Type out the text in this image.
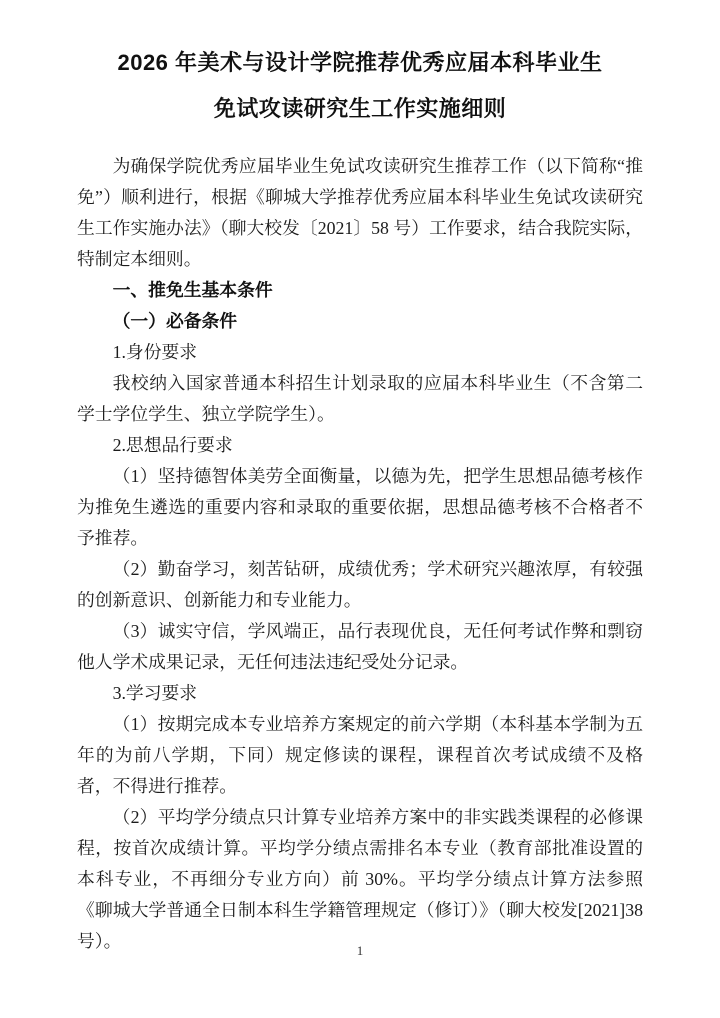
2026 年美术与设计学院推荐优秀应届本科毕业生
免试攻读研究生工作实施细则

为确保学院优秀应届毕业生免试攻读研究生推荐工作（以下简称“推免”）顺利进行，根据《聊城大学推荐优秀应届本科毕业生免试攻读研究生工作实施办法》（聊大校发〔2021〕58 号）工作要求，结合我院实际，特制定本细则。

一、推免生基本条件

（一）必备条件

1.身份要求

我校纳入国家普通本科招生计划录取的应届本科毕业生（不含第二学士学位学生、独立学院学生）。

2.思想品行要求

（1）坚持德智体美劳全面衡量，以德为先，把学生思想品德考核作为推免生遴选的重要内容和录取的重要依据，思想品德考核不合格者不予推荐。

（2）勤奋学习，刻苦钻研，成绩优秀；学术研究兴趣浓厚，有较强的创新意识、创新能力和专业能力。

（3）诚实守信，学风端正，品行表现优良，无任何考试作弊和剽窃他人学术成果记录，无任何违法违纪受处分记录。

3.学习要求

（1）按期完成本专业培养方案规定的前六学期（本科基本学制为五年的为前八学期，下同）规定修读的课程，课程首次考试成绩不及格者，不得进行推荐。

（2）平均学分绩点只计算专业培养方案中的非实践类课程的必修课程，按首次成绩计算。平均学分绩点需排名本专业（教育部批准设置的本科专业，不再细分专业方向）前 30%。平均学分绩点计算方法参照《聊城大学普通全日制本科生学籍管理规定（修订）》（聊大校发[2021]38 号）。	1
